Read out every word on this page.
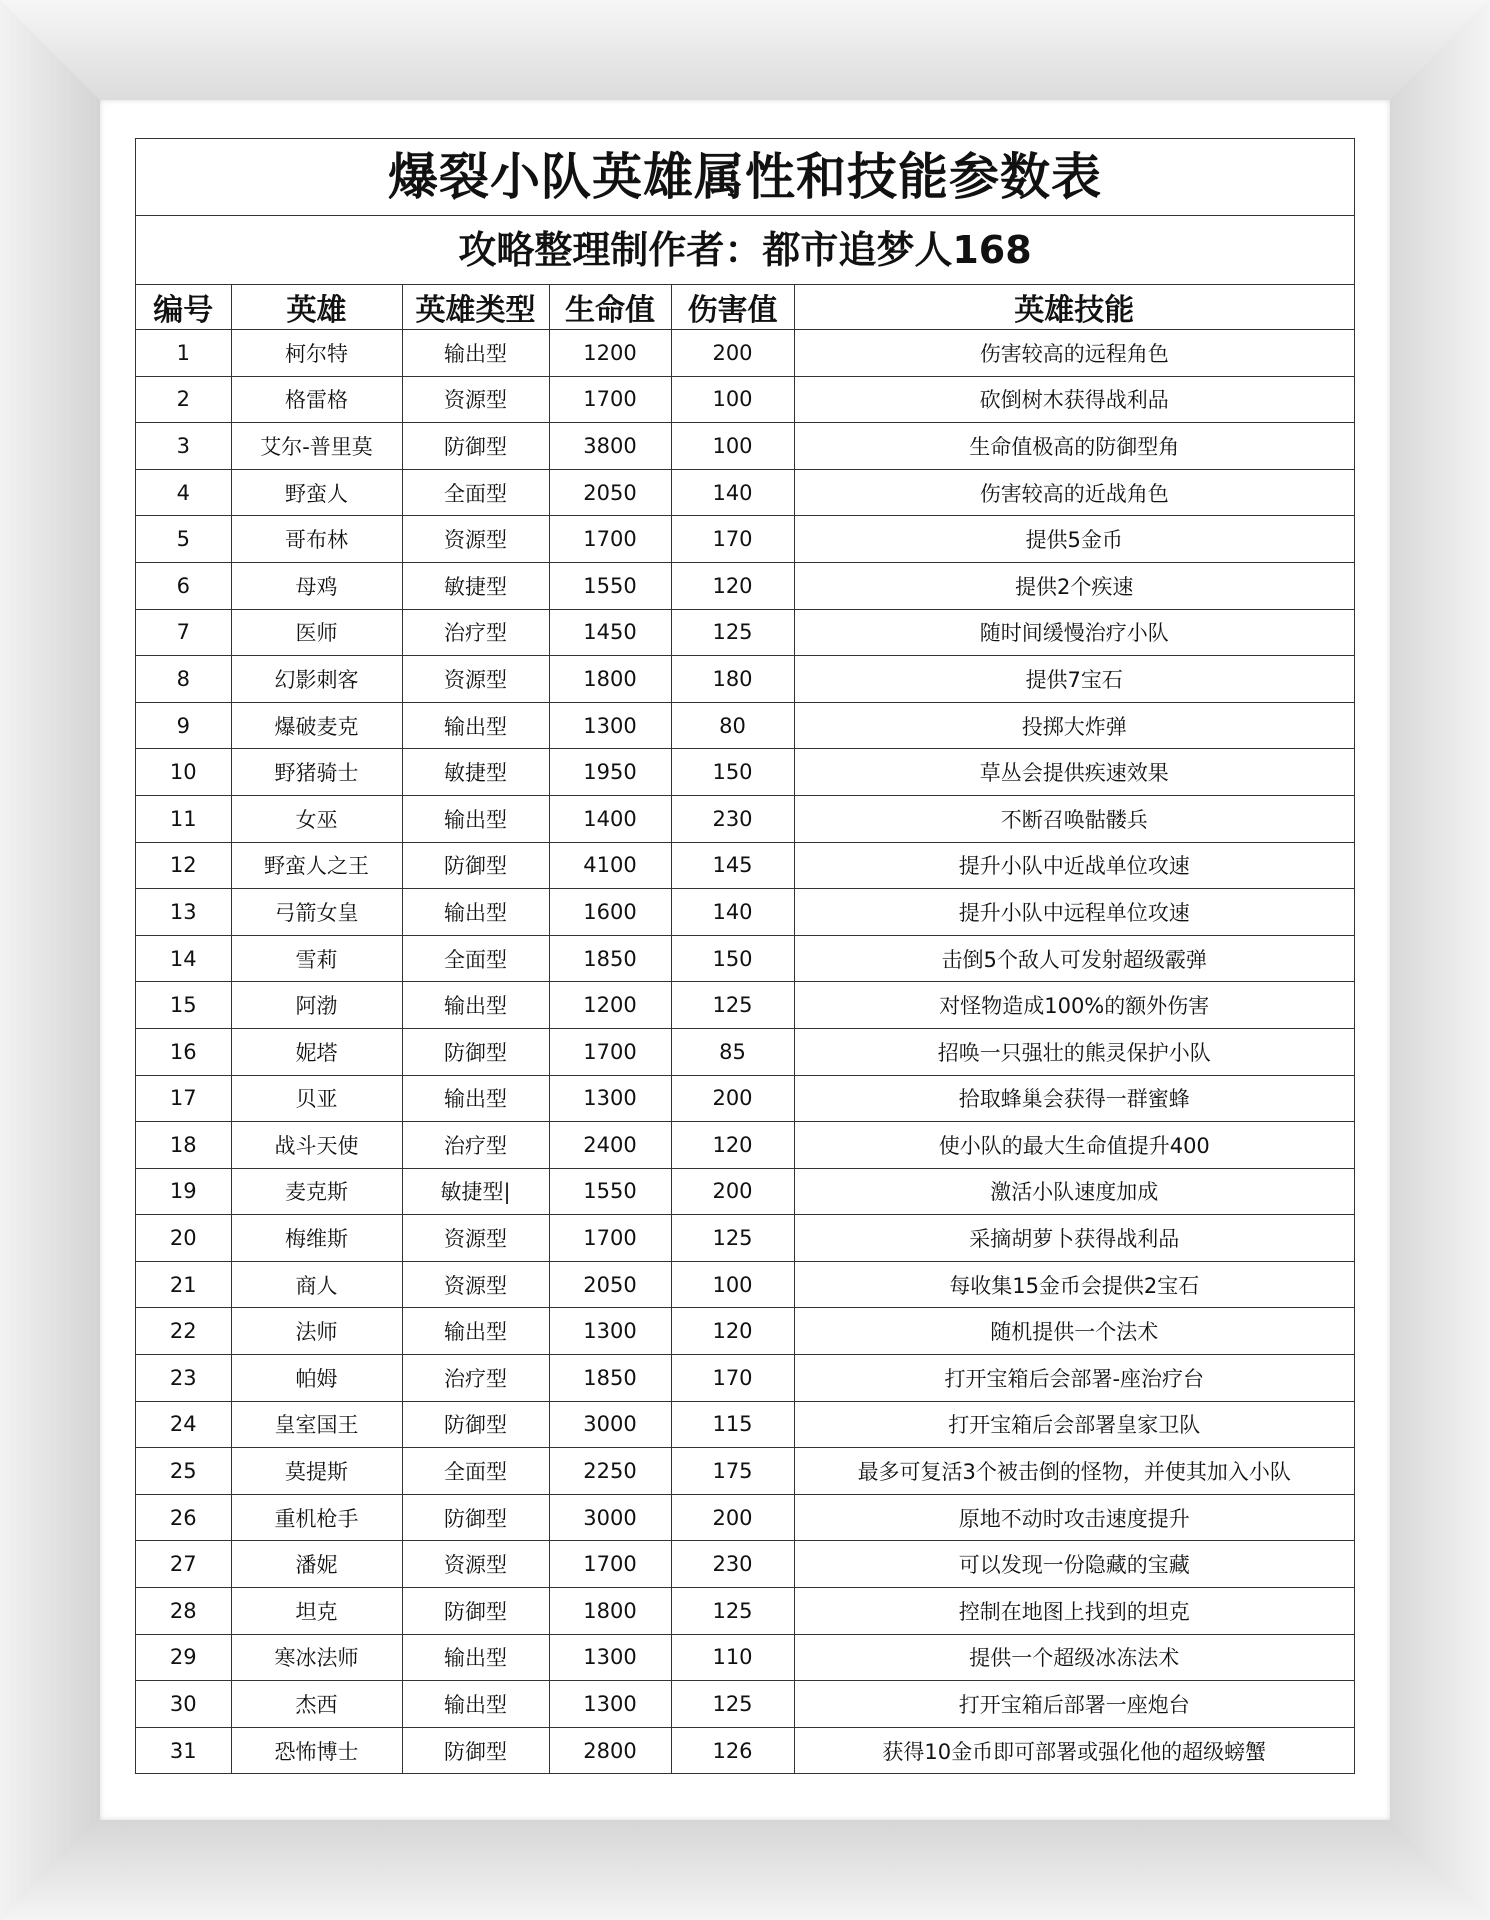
爆裂小队英雄属性和技能参数表
攻略整理制作者：都市追梦人168
编号	英雄	英雄类型	生命值	伤害值	英雄技能
1	柯尔特	输出型	1200	200	伤害较高的远程角色
2	格雷格	资源型	1700	100	砍倒树木获得战利品
3	艾尔-普里莫	防御型	3800	100	生命值极高的防御型角
4	野蛮人	全面型	2050	140	伤害较高的近战角色
5	哥布林	资源型	1700	170	提供5金币
6	母鸡	敏捷型	1550	120	提供2个疾速
7	医师	治疗型	1450	125	随时间缓慢治疗小队
8	幻影刺客	资源型	1800	180	提供7宝石
9	爆破麦克	输出型	1300	80	投掷大炸弹
10	野猪骑士	敏捷型	1950	150	草丛会提供疾速效果
11	女巫	输出型	1400	230	不断召唤骷髅兵
12	野蛮人之王	防御型	4100	145	提升小队中近战单位攻速
13	弓箭女皇	输出型	1600	140	提升小队中远程单位攻速
14	雪莉	全面型	1850	150	击倒5个敌人可发射超级霰弹
15	阿渤	输出型	1200	125	对怪物造成100%的额外伤害
16	妮塔	防御型	1700	85	招唤一只强壮的熊灵保护小队
17	贝亚	输出型	1300	200	拾取蜂巢会获得一群蜜蜂
18	战斗天使	治疗型	2400	120	使小队的最大生命值提升400
19	麦克斯	敏捷型|	1550	200	激活小队速度加成
20	梅维斯	资源型	1700	125	采摘胡萝卜获得战利品
21	商人	资源型	2050	100	每收集15金币会提供2宝石
22	法师	输出型	1300	120	随机提供一个法术
23	帕姆	治疗型	1850	170	打开宝箱后会部署-座治疗台
24	皇室国王	防御型	3000	115	打开宝箱后会部署皇家卫队
25	莫提斯	全面型	2250	175	最多可复活3个被击倒的怪物，并使其加入小队
26	重机枪手	防御型	3000	200	原地不动时攻击速度提升
27	潘妮	资源型	1700	230	可以发现一份隐藏的宝藏
28	坦克	防御型	1800	125	控制在地图上找到的坦克
29	寒冰法师	输出型	1300	110	提供一个超级冰冻法术
30	杰西	输出型	1300	125	打开宝箱后部署一座炮台
31	恐怖博士	防御型	2800	126	获得10金币即可部署或强化他的超级螃蟹
